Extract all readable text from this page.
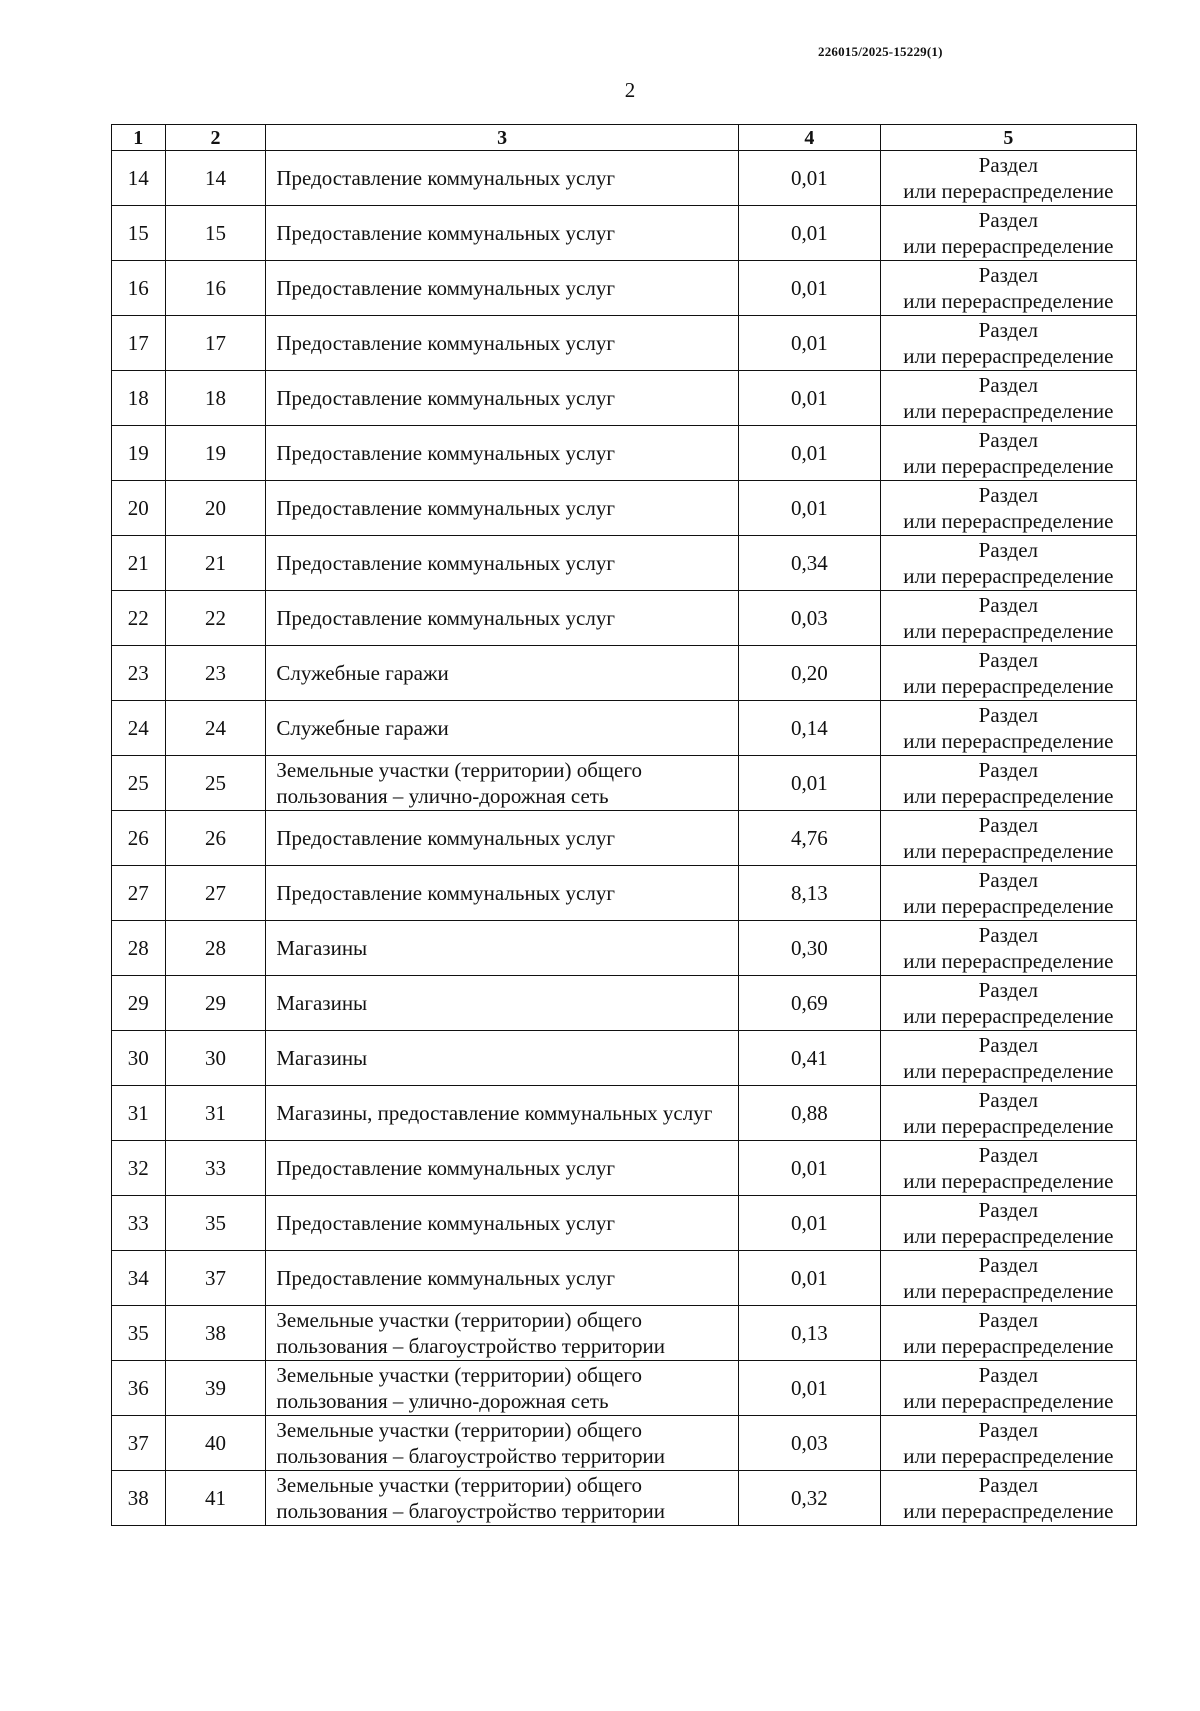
226015/2025-15229(1)
2
1	2	3	4	5
14	14	Предоставление коммунальных услуг	0,01	Раздел
или перераспределение

15	15	Предоставление коммунальных услуг	0,01	Раздел
или перераспределение

16	16	Предоставление коммунальных услуг	0,01	Раздел
или перераспределение

17	17	Предоставление коммунальных услуг	0,01	Раздел
или перераспределение

18	18	Предоставление коммунальных услуг	0,01	Раздел
или перераспределение

19	19	Предоставление коммунальных услуг	0,01	Раздел
или перераспределение

20	20	Предоставление коммунальных услуг	0,01	Раздел
или перераспределение

21	21	Предоставление коммунальных услуг	0,34	Раздел
или перераспределение

22	22	Предоставление коммунальных услуг	0,03	Раздел
или перераспределение

23	23	Служебные гаражи	0,20	Раздел
или перераспределение

24	24	Служебные гаражи	0,14	Раздел
или перераспределение

25	25	Земельные участки (территории) общего пользования – улично-дорожная сеть	0,01	Раздел
или перераспределение

26	26	Предоставление коммунальных услуг	4,76	Раздел
или перераспределение

27	27	Предоставление коммунальных услуг	8,13	Раздел
или перераспределение

28	28	Магазины	0,30	Раздел
или перераспределение

29	29	Магазины	0,69	Раздел
или перераспределение

30	30	Магазины	0,41	Раздел
или перераспределение

31	31	Магазины, предоставление коммунальных услуг	0,88	Раздел
или перераспределение

32	33	Предоставление коммунальных услуг	0,01	Раздел
или перераспределение

33	35	Предоставление коммунальных услуг	0,01	Раздел
или перераспределение

34	37	Предоставление коммунальных услуг	0,01	Раздел
или перераспределение

35	38	Земельные участки (территории) общего пользования – благоустройство территории	0,13	Раздел
или перераспределение

36	39	Земельные участки (территории) общего пользования – улично-дорожная сеть	0,01	Раздел
или перераспределение

37	40	Земельные участки (территории) общего пользования – благоустройство территории	0,03	Раздел
или перераспределение

38	41	Земельные участки (территории) общего пользования – благоустройство территории	0,32	Раздел
или перераспределение
